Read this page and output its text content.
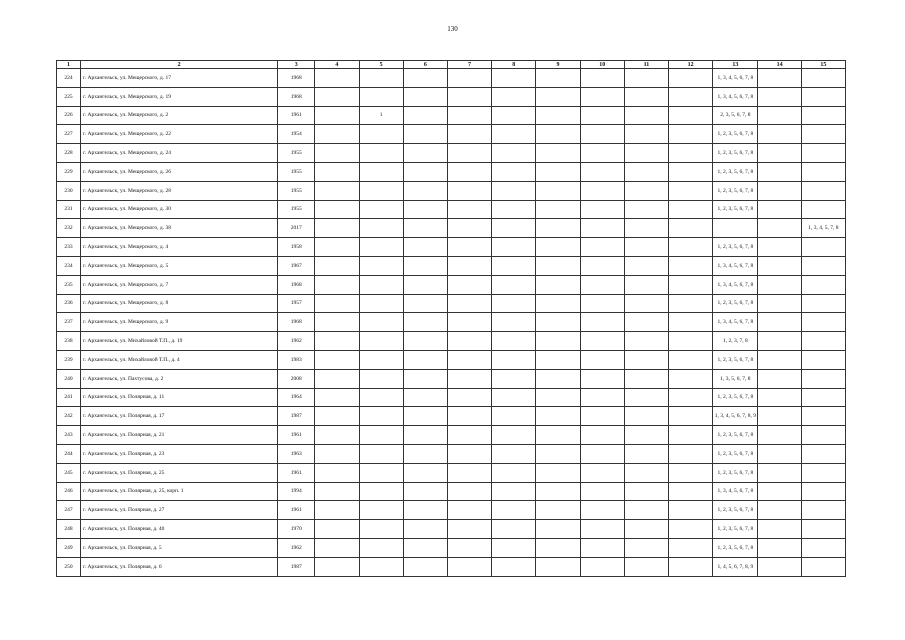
130
1	2	3	4	5	6	7	8	9	10	11	12	13	14	15
224	г. Архангельск, ул. Мещерского, д. 17	1968										1, 3, 4, 5, 6, 7, 8		
225	г. Архангельск, ул. Мещерского, д. 19	1968										1, 3, 4, 5, 6, 7, 8		
226	г. Архангельск, ул. Мещерского, д. 2	1961		1								2, 3, 5, 6, 7, 8		
227	г. Архангельск, ул. Мещерского, д. 22	1954										1, 2, 3, 5, 6, 7, 8		
228	г. Архангельск, ул. Мещерского, д. 24	1955										1, 2, 3, 5, 6, 7, 8		
229	г. Архангельск, ул. Мещерского, д. 26	1955										1, 2, 3, 5, 6, 7, 8		
230	г. Архангельск, ул. Мещерского, д. 28	1955										1, 2, 3, 5, 6, 7, 8		
231	г. Архангельск, ул. Мещерского, д. 30	1955										1, 2, 3, 5, 6, 7, 8		
232	г. Архангельск, ул. Мещерского, д. 38	2017												1, 3, 4, 5, 7, 8
233	г. Архангельск, ул. Мещерского, д. 4	1958										1, 2, 3, 5, 6, 7, 8		
234	г. Архангельск, ул. Мещерского, д. 5	1967										1, 3, 4, 5, 6, 7, 8		
235	г. Архангельск, ул. Мещерского, д. 7	1968										1, 3, 4, 5, 6, 7, 8		
236	г. Архангельск, ул. Мещерского, д. 8	1957										1, 2, 3, 5, 6, 7, 8		
237	г. Архангельск, ул. Мещерского, д. 9	1968										1, 3, 4, 5, 6, 7, 8		
238	г. Архангельск, ул. Михайловой Т.П., д. 19	1962										1, 2, 3, 7, 8		
239	г. Архангельск, ул. Михайловой Т.П., д. 4	1983										1, 2, 3, 5, 6, 7, 8		
240	г. Архангельск, ул. Пахтусова, д. 2	2008										1, 3, 5, 6, 7, 8		
241	г. Архангельск, ул. Полярная, д. 11	1964										1, 2, 3, 5, 6, 7, 8		
242	г. Архангельск, ул. Полярная, д. 17	1987										1, 3, 4, 5, 6, 7, 8, 9		
243	г. Архангельск, ул. Полярная, д. 21	1961										1, 2, 3, 5, 6, 7, 8		
244	г. Архангельск, ул. Полярная, д. 23	1963										1, 2, 3, 5, 6, 7, 8		
245	г. Архангельск, ул. Полярная, д. 25	1961										1, 2, 3, 5, 6, 7, 8		
246	г. Архангельск, ул. Полярная, д. 25, корп. 1	1994										1, 3, 4, 5, 6, 7, 8		
247	г. Архангельск, ул. Полярная, д. 27	1961										1, 2, 3, 5, 6, 7, 8		
248	г. Архангельск, ул. Полярная, д. 40	1970										1, 2, 3, 5, 6, 7, 8		
249	г. Архангельск, ул. Полярная, д. 5	1962										1, 2, 3, 5, 6, 7, 8		
250	г. Архангельск, ул. Полярная, д. 6	1987										1, 4, 5, 6, 7, 8, 9		
